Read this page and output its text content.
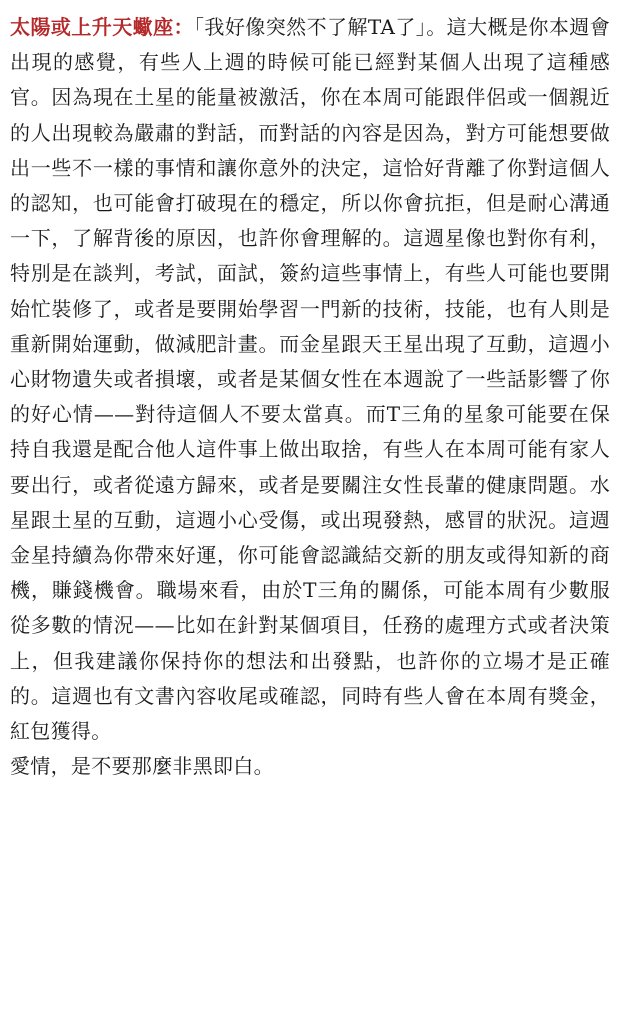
太陽或上升天蠍座：「我好像突然不了解TA了」。這大概是你本週會出現的感覺，有些人上週的時候可能已經對某個人出現了這種感官。因為現在土星的能量被激活，你在本周可能跟伴侶或一個親近的人出現較為嚴肅的對話，而對話的內容是因為，對方可能想要做出一些不一樣的事情和讓你意外的決定，這恰好背離了你對這個人的認知，也可能會打破現在的穩定，所以你會抗拒，但是耐心溝通一下，了解背後的原因，也許你會理解的。這週星像也對你有利，特別是在談判，考試，面試，簽約這些事情上，有些人可能也要開始忙裝修了，或者是要開始學習一門新的技術，技能，也有人則是重新開始運動，做減肥計畫。而金星跟天王星出現了互動，這週小心財物遺失或者損壞，或者是某個女性在本週說了一些話影響了你的好心情——對待這個人不要太當真。而T三角的星象可能要在保持自我還是配合他人這件事上做出取捨，有些人在本周可能有家人要出行，或者從遠方歸來，或者是要關注女性長輩的健康問題。水星跟土星的互動，這週小心受傷，或出現發熱，感冒的狀況。這週金星持續為你帶來好運，你可能會認識結交新的朋友或得知新的商機，賺錢機會。職場來看，由於T三角的關係，可能本周有少數服從多數的情況——比如在針對某個項目，任務的處理方式或者決策上，但我建議你保持你的想法和出發點，也許你的立場才是正確的。這週也有文書內容收尾或確認，同時有些人會在本周有獎金，紅包獲得。

愛情，是不要那麼非黑即白。
